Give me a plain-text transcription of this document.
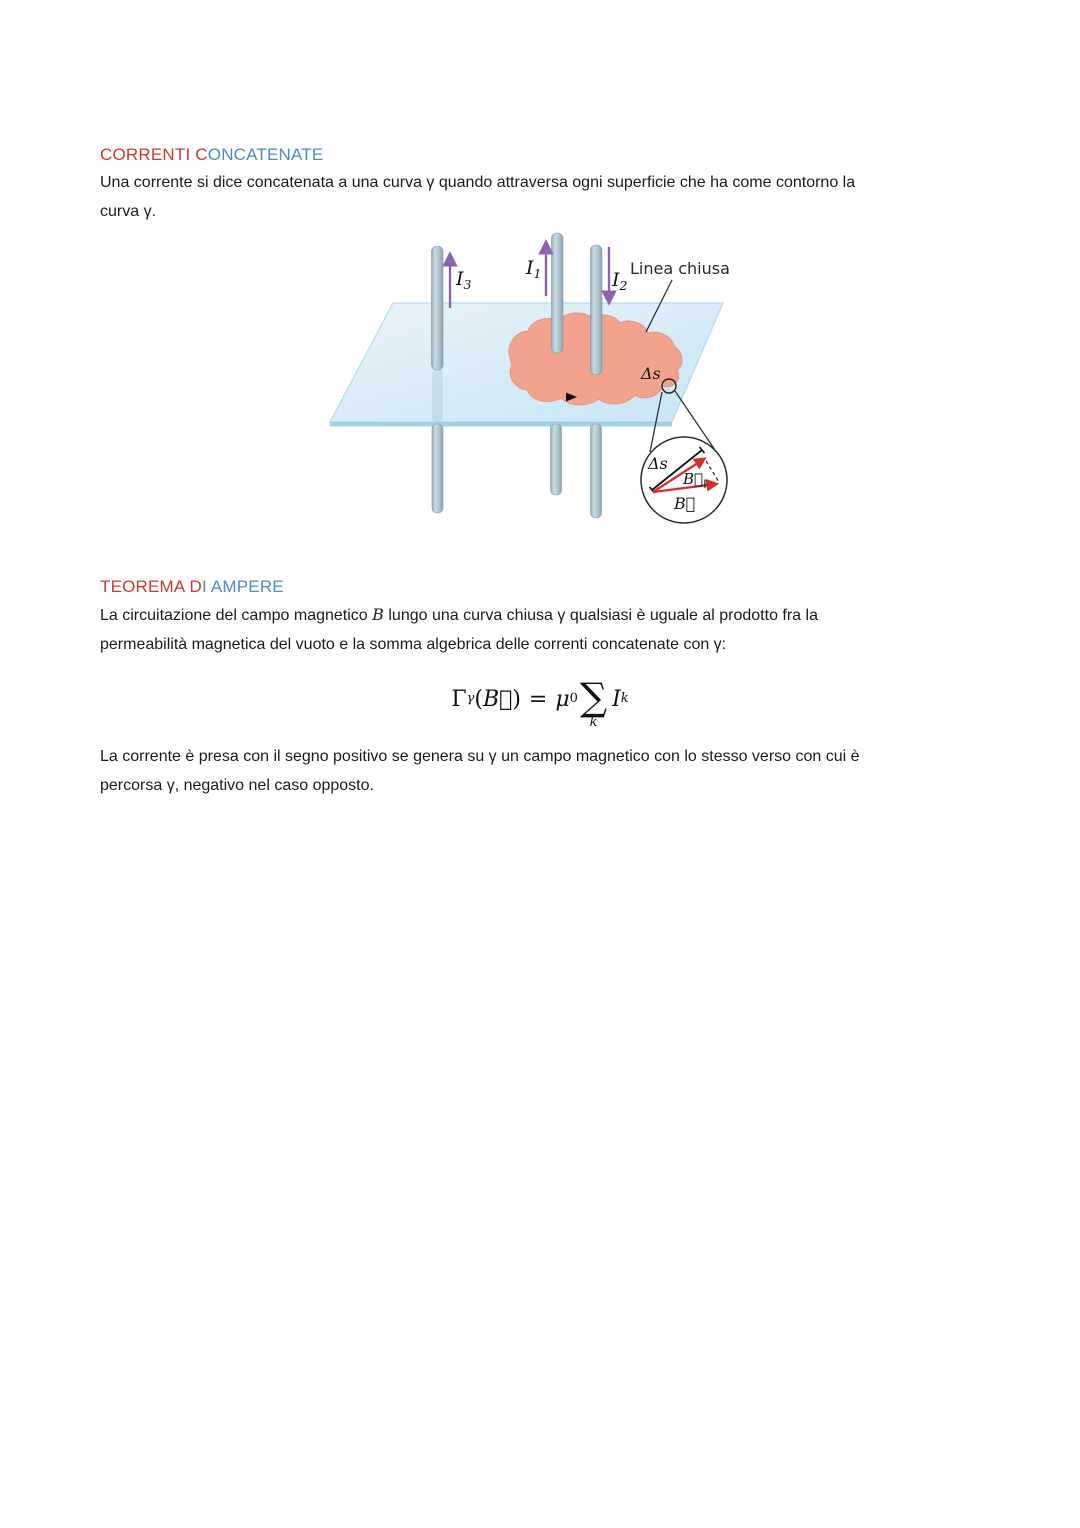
CORRENTI CONCATENATE
Una corrente si dice concatenata a una curva γ quando attraversa ogni superficie che ha come contorno la
curva γ.
$I_3$
$I_1$	$I_2$
Linea chiusa
Δs
Δs
$B⃗_\parallel$
B⃗
TEOREMA DI AMPERE
La circuitazione del campo magnetico B lungo una curva chiusa γ qualsiasi è uguale al prodotto fra la
permeabilità magnetica del vuoto e la somma algebrica delle correnti concatenate con γ:
Γ γ ( B⃗ ) = μ 0 ∑
k
I k
La corrente è presa con il segno positivo se genera su γ un campo magnetico con lo stesso verso con cui è
percorsa γ, negativo nel caso opposto.
